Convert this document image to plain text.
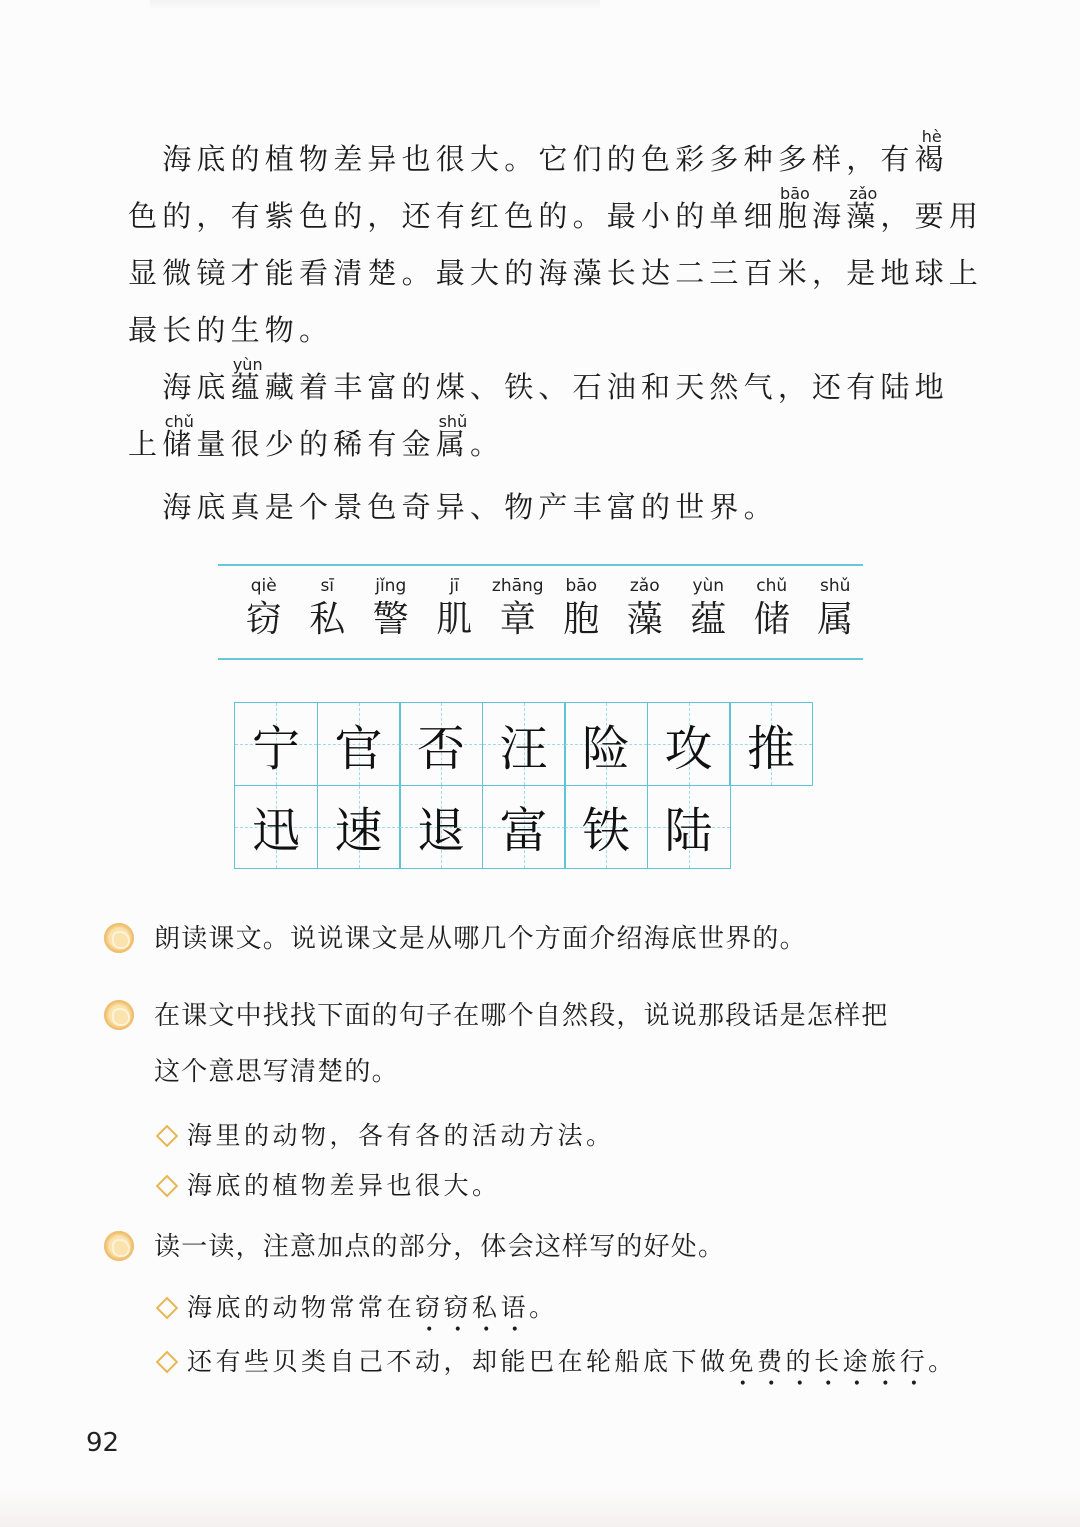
　海底的植物差异也很大。它们的色彩多种多样，有褐
hè
色的，有紫色的，还有红色的。最小的单细胞
bāo
海藻
zǎo
，要用
显微镜才能看清楚。最大的海藻长达二三百米，是地球上
最长的生物。
　海底蕴
yùn
藏着丰富的煤、铁、石油和天然气，还有陆地
上储
chǔ
量很少的稀有金属
shǔ
。
　海底真是个景色奇异、物产丰富的世界。
qiè
窃
sī
私
jǐng
警
jī
肌
zhāng
章
bāo
胞
zǎo
藻
yùn
蕴
chǔ
储
shǔ
属
宁 官 否 汪 险 攻 推
迅 速 退 富 铁 陆
朗读课文。说说课文是从哪几个方面介绍海底世界的。
在课文中找找下面的句子在哪个自然段，说说那段话是怎样把
这个意思写清楚的。
海里的动物，各有各的活动方法。
海底的植物差异也很大。
读一读，注意加点的部分，体会这样写的好处。
海底的动物常常在窃窃私语。
还有些贝类自己不动，却能巴在轮船底下做免费的长途旅行。
92
